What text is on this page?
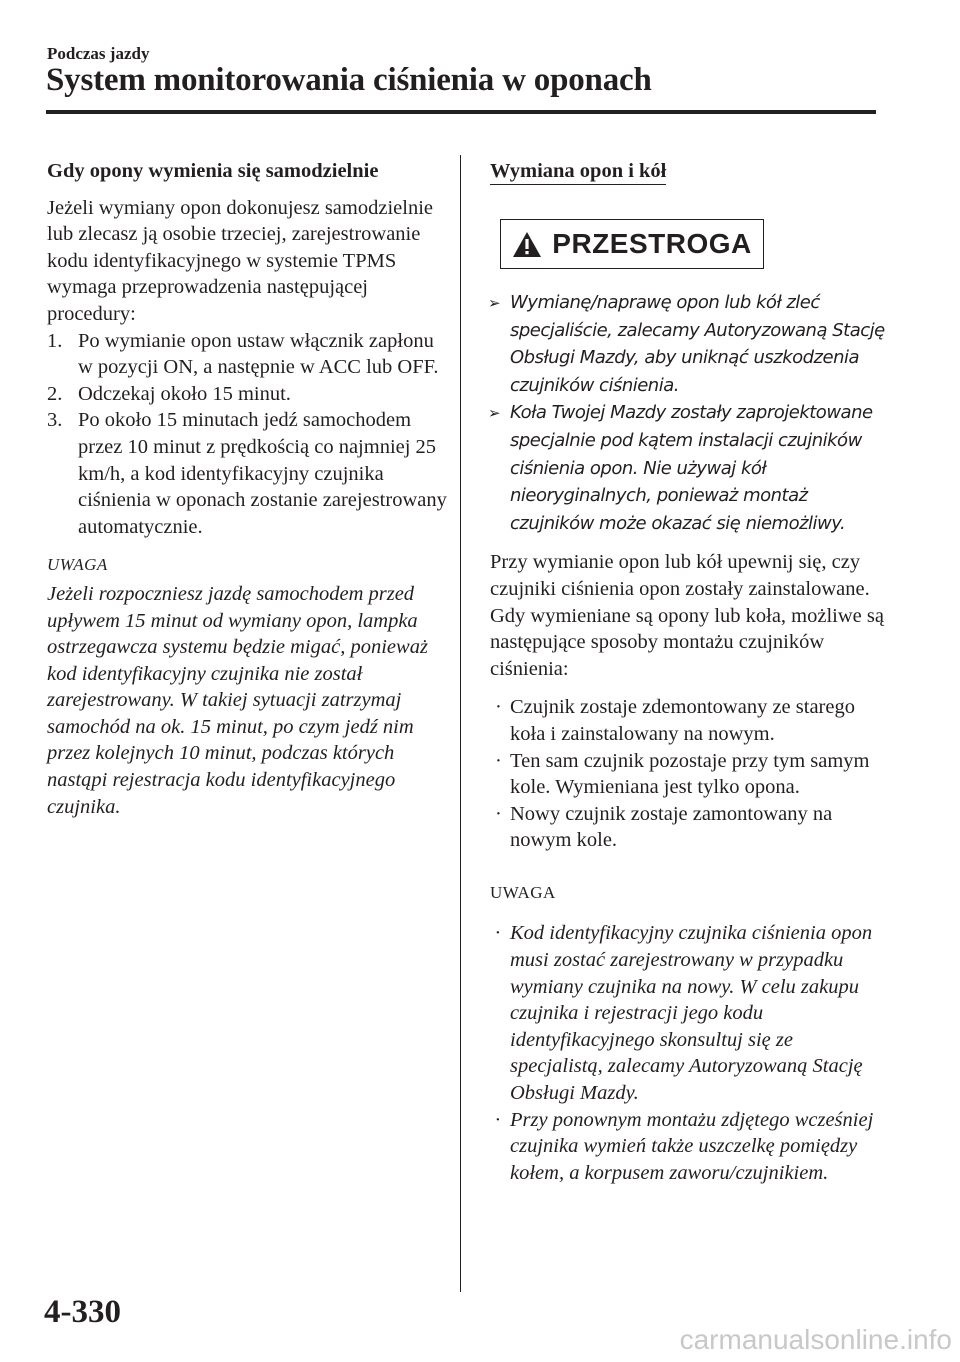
Podczas jazdy
System monitorowania ciśnienia w oponach
Gdy opony wymienia się samodzielnie

Jeżeli wymiany opon dokonujesz samodzielnie lub zlecasz ją osobie trzeciej, zarejestrowanie kodu identyfikacyjnego w systemie TPMS wymaga przeprowadzenia następującej procedury:

1. Po wymianie opon ustaw włącznik zapłonu w pozycji ON, a następnie w ACC lub OFF.
2. Odczekaj około 15 minut.
3. Po około 15 minutach jedź samochodem przez 10 minut z prędkością co najmniej 25 km/h, a kod identyfikacyjny czujnika ciśnienia w oponach zostanie zarejestrowany automatycznie.
UWAGA

Jeżeli rozpoczniesz jazdę samochodem przed upływem 15 minut od wymiany opon, lampka ostrzegawcza systemu będzie migać, ponieważ kod identyfikacyjny czujnika nie został zarejestrowany. W takiej sytuacji zatrzymaj samochód na ok. 15 minut, po czym jedź nim przez kolejnych 10 minut, podczas których nastąpi rejestracja kodu identyfikacyjnego czujnika.

Wymiana opon i kół
PRZESTROGA
➢ Wymianę/naprawę opon lub kół zleć specjaliście, zalecamy Autoryzowaną Stację Obsługi Mazdy, aby uniknąć uszkodzenia czujników ciśnienia.
➢ Koła Twojej Mazdy zostały zaprojektowane specjalnie pod kątem instalacji czujników ciśnienia opon. Nie używaj kół nieoryginalnych, ponieważ montaż czujników może okazać się niemożliwy.

Przy wymianie opon lub kół upewnij się, czy czujniki ciśnienia opon zostały zainstalowane.

Gdy wymieniane są opony lub koła, możliwe są następujące sposoby montażu czujników ciśnienia:

· Czujnik zostaje zdemontowany ze starego koła i zainstalowany na nowym.
· Ten sam czujnik pozostaje przy tym samym kole. Wymieniana jest tylko opona.
· Nowy czujnik zostaje zamontowany na nowym kole.
UWAGA
· Kod identyfikacyjny czujnika ciśnienia opon musi zostać zarejestrowany w przypadku wymiany czujnika na nowy. W celu zakupu czujnika i rejestracji jego kodu identyfikacyjnego skonsultuj się ze specjalistą, zalecamy Autoryzowaną Stację Obsługi Mazdy.
· Przy ponownym montażu zdjętego wcześniej czujnika wymień także uszczelkę pomiędzy kołem, a korpusem zaworu/czujnikiem.
4-330
carmanualsonline.info
